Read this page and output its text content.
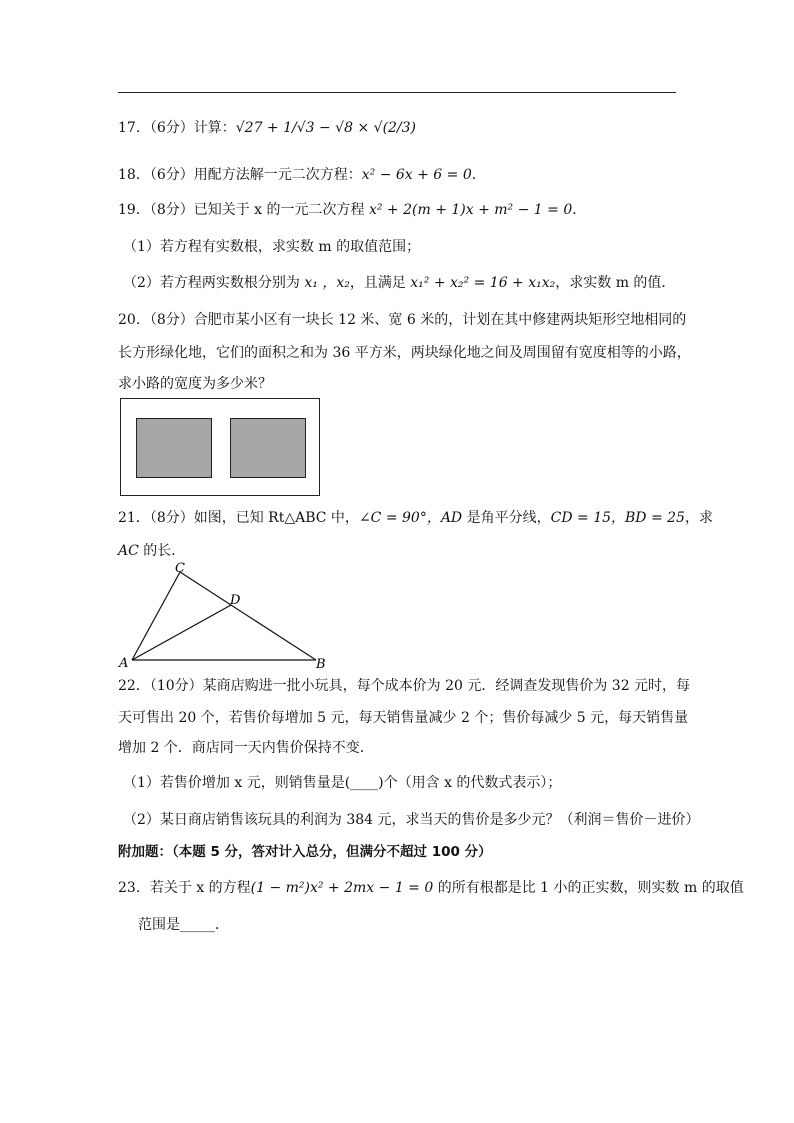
17．（6分）计算：√27 + 1/√3 − √8 × √(2/3)
18．（6分）用配方法解一元二次方程：x² − 6x + 6 = 0．
19．（8分）已知关于 x 的一元二次方程 x² + 2(m + 1)x + m² − 1 = 0．
（1）若方程有实数根，求实数 m 的取值范围；
（2）若方程两实数根分别为 x₁ ，x₂，且满足 x₁² + x₂² = 16 + x₁x₂，求实数 m 的值．
20．（8分）合肥市某小区有一块长 12 米、宽 6 米的，计划在其中修建两块矩形空地相同的
长方形绿化地，它们的面积之和为 36 平方米，两块绿化地之间及周围留有宽度相等的小路，
求小路的宽度为多少米？
21．（8分）如图，已知 Rt△ABC 中，∠C = 90°，AD 是角平分线，CD = 15，BD = 25，求
AC 的长．
C
D
A	B
22．（10分）某商店购进一批小玩具，每个成本价为 20 元．经调查发现售价为 32 元时，每
天可售出 20 个，若售价每增加 5 元，每天销售量减少 2 个；售价每减少 5 元，每天销售量
增加 2 个．商店同一天内售价保持不变．
（1）若售价增加 x 元，则销售量是(____)个（用含 x 的代数式表示）；
（2）某日商店销售该玩具的利润为 384 元，求当天的售价是多少元？（利润＝售价－进价）
附加题：（本题 5 分，答对计入总分，但满分不超过 100 分）
23．若关于 x 的方程(1 − m²)x² + 2mx − 1 = 0 的所有根都是比 1 小的正实数，则实数 m 的取值
范围是_____．
